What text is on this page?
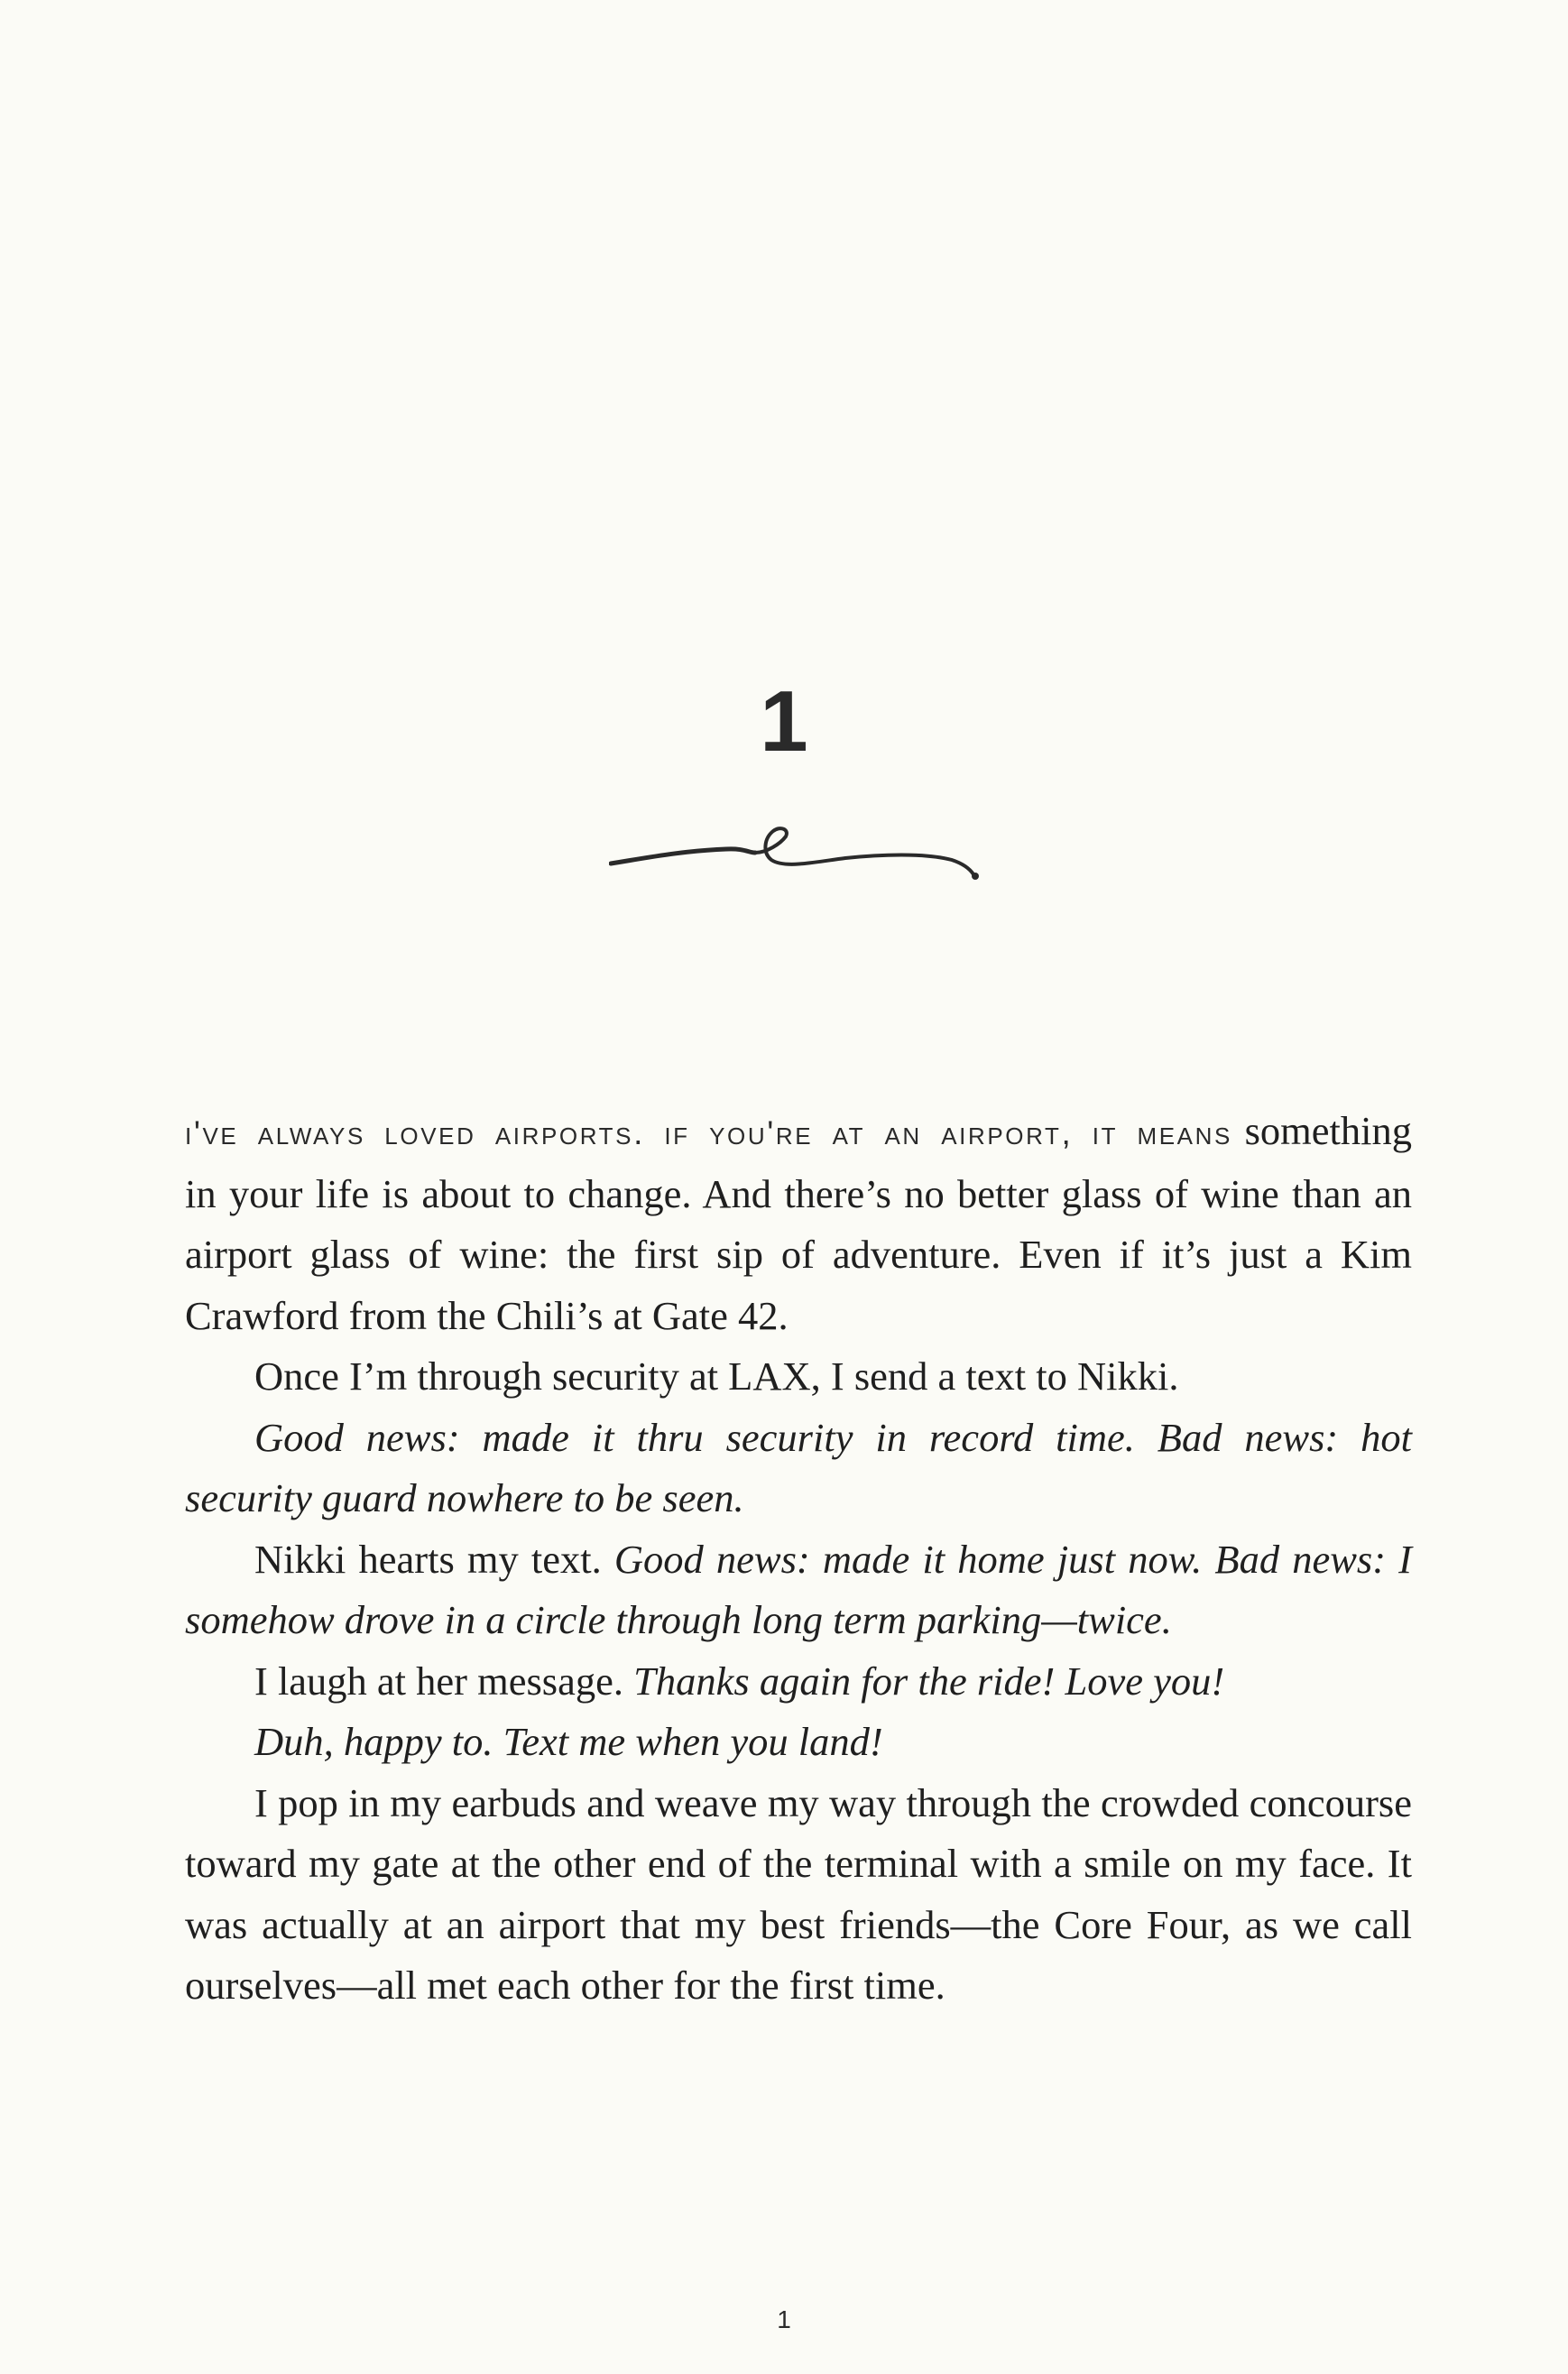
1

i've always loved airports. if you're at an airport, it means something in your life is about to change. And there’s no better glass of wine than an airport glass of wine: the first sip of adventure. Even if it’s just a Kim Crawford from the Chili’s at Gate 42.

Once I’m through security at LAX, I send a text to Nikki.

Good news: made it thru security in record time. Bad news: hot security guard nowhere to be seen.

Nikki hearts my text. Good news: made it home just now. Bad news: I somehow drove in a circle through long term parking—twice.

I laugh at her message. Thanks again for the ride! Love you!

Duh, happy to. Text me when you land!

I pop in my earbuds and weave my way through the crowded concourse toward my gate at the other end of the terminal with a smile on my face. It was actually at an airport that my best friends—the Core Four, as we call ourselves—all met each other for the first time.

1
